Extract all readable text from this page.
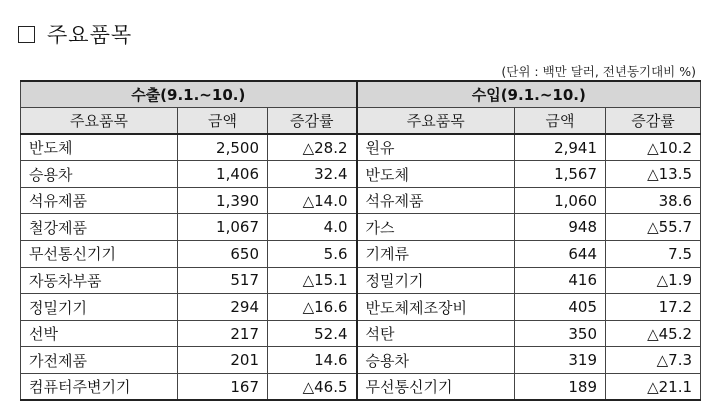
주요품목
(단위 : 백만 달러, 전년동기대비 %)
수출(9.1.~10.)			수입(9.1.~10.)		
주요품목	금액	증감률	주요품목	금액	증감률
반도체	2,500	△28.2	원유	2,941	△10.2
승용차	1,406	32.4	반도체	1,567	△13.5
석유제품	1,390	△14.0	석유제품	1,060	38.6
철강제품	1,067	4.0	가스	948	△55.7
무선통신기기	650	5.6	기계류	644	7.5
자동차부품	517	△15.1	정밀기기	416	△1.9
정밀기기	294	△16.6	반도체제조장비	405	17.2
선박	217	52.4	석탄	350	△45.2
가전제품	201	14.6	승용차	319	△7.3
컴퓨터주변기기	167	△46.5	무선통신기기	189	△21.1
